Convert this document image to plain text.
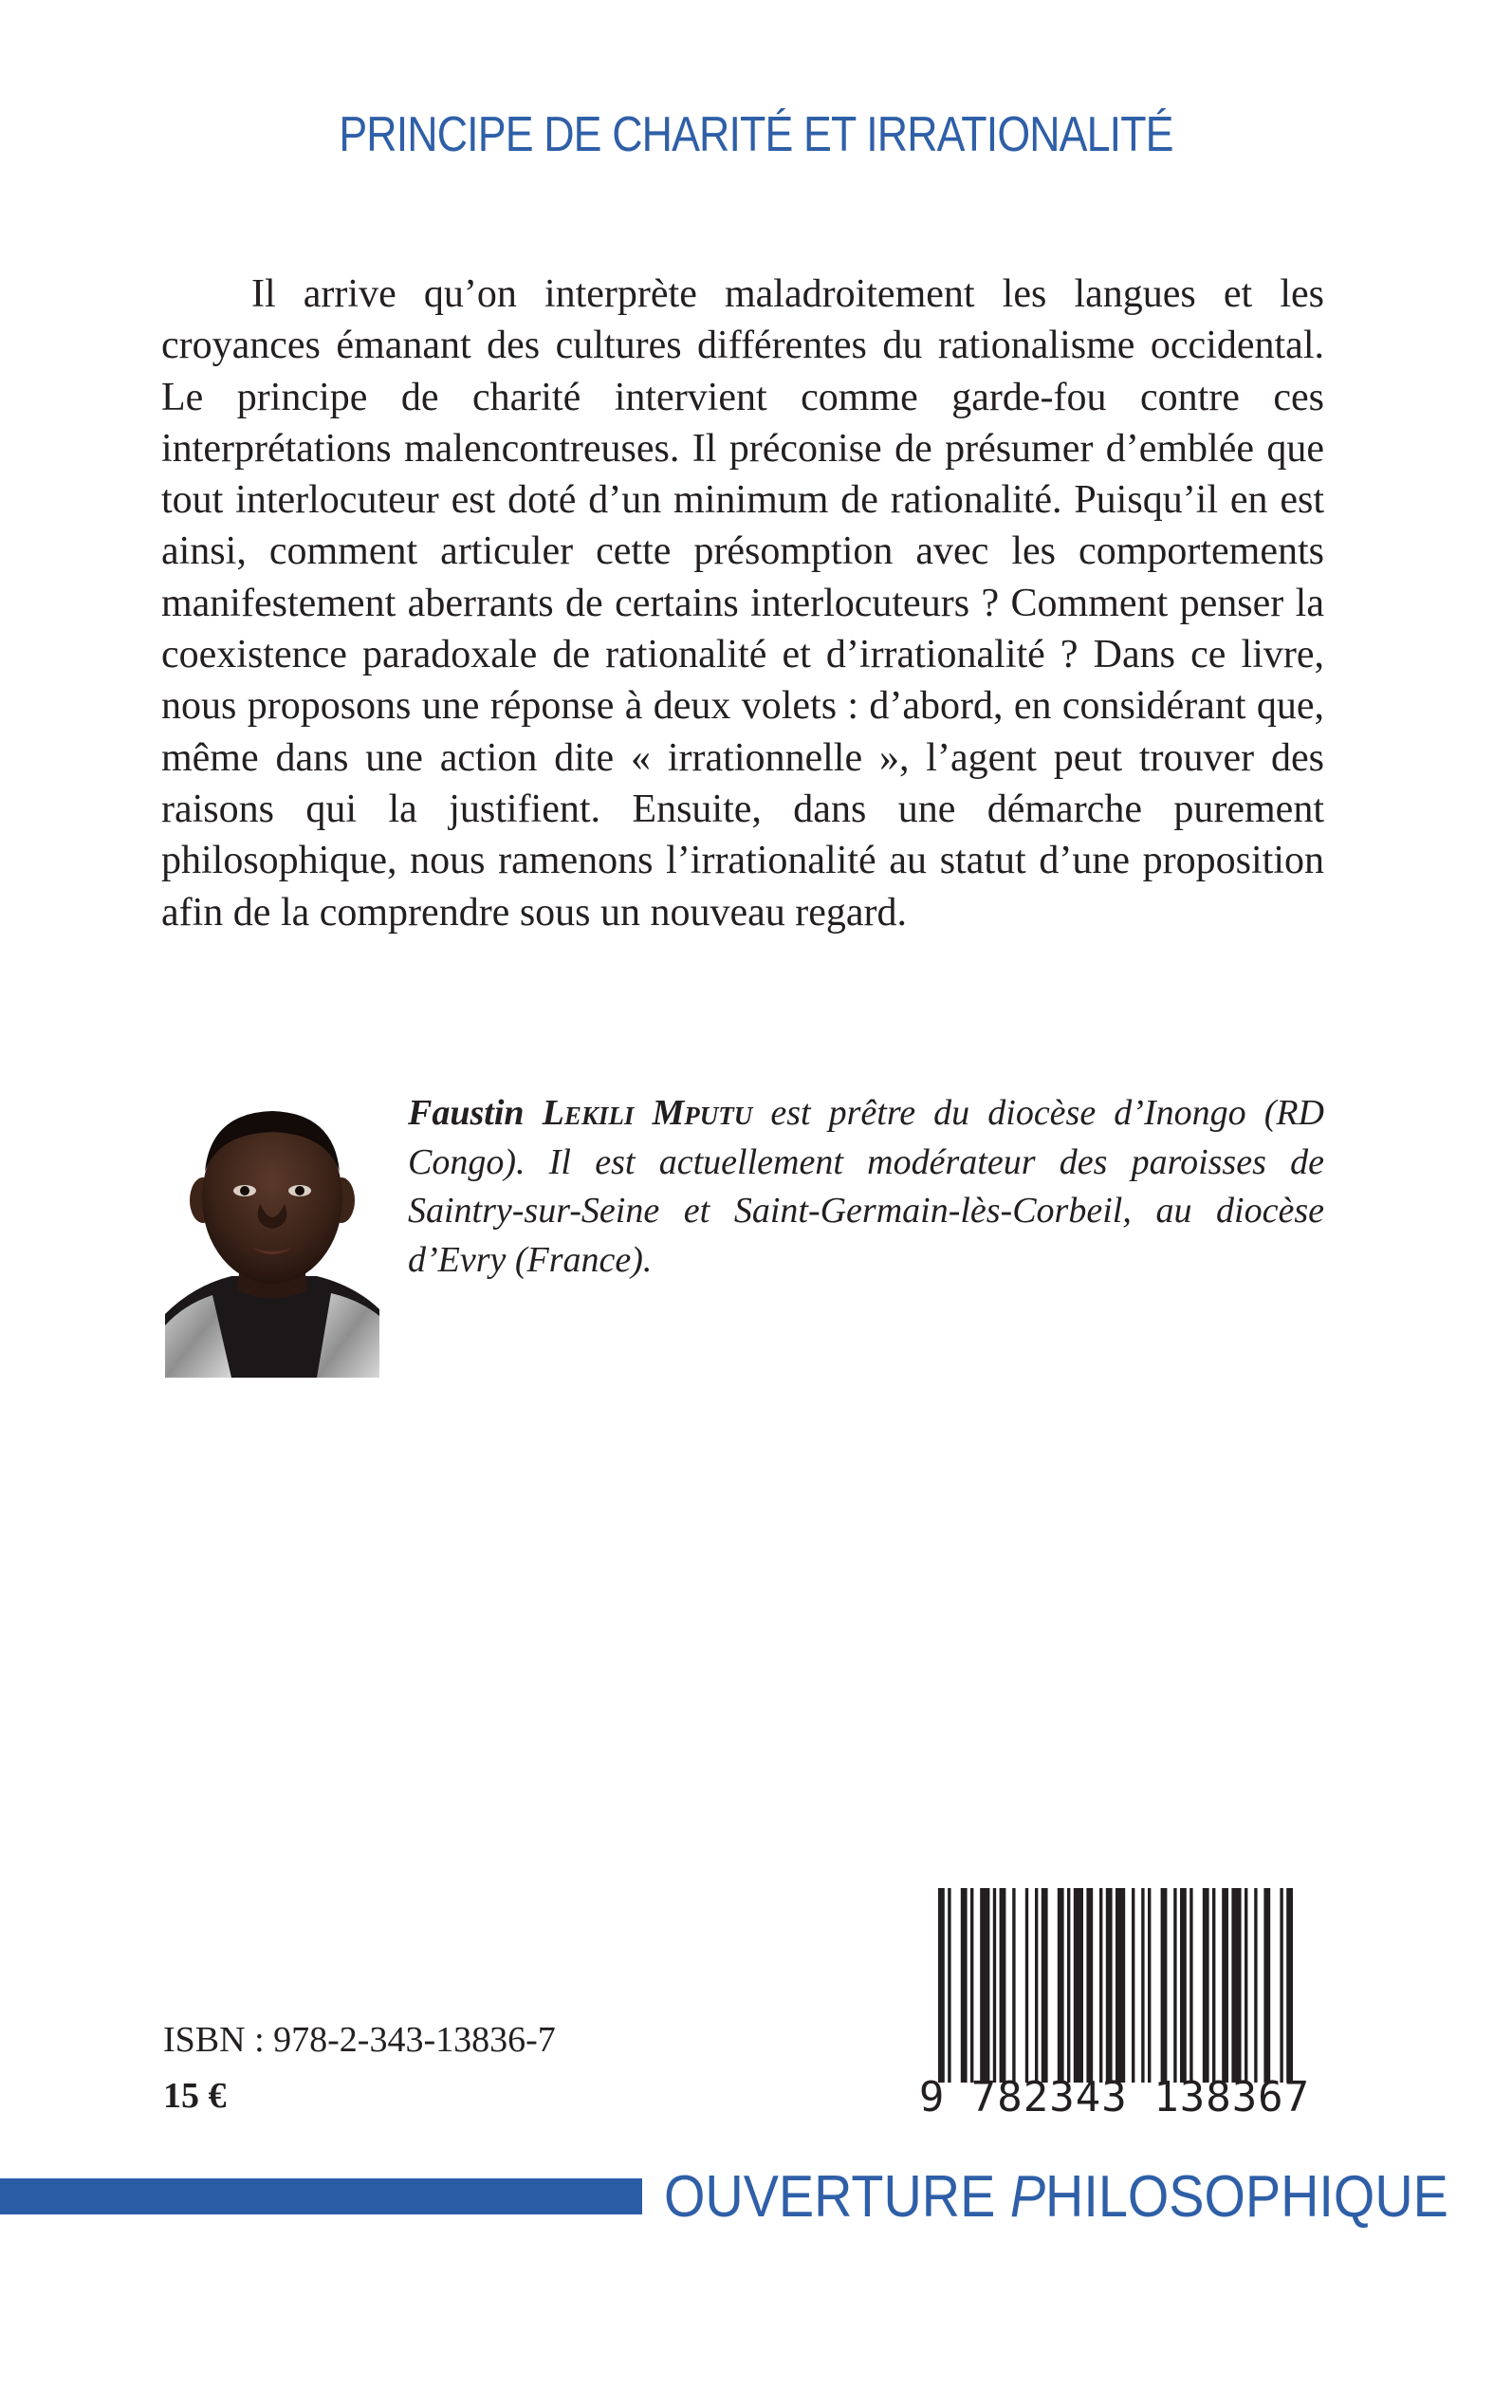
PRINCIPE DE CHARITÉ ET IRRATIONALITÉ

Il arrive qu’on interprète maladroitement les langues et les croyances émanant des cultures différentes du rationalisme occidental. Le principe de charité intervient comme garde-fou contre ces interprétations malencontreuses. Il préconise de présumer d’emblée que tout interlocuteur est doté d’un minimum de rationalité. Puisqu’il en est ainsi, comment articuler cette présomption avec les comportements manifestement aberrants de certains interlocuteurs ? Comment penser la coexistence paradoxale de rationalité et d’irrationalité ? Dans ce livre, nous proposons une réponse à deux volets : d’abord, en considérant que, même dans une action dite « irrationnelle », l’agent peut trouver des raisons qui la justifient. Ensuite, dans une démarche purement philosophique, nous ramenons l’irrationalité au statut d’une proposition afin de la comprendre sous un nouveau regard.

Faustin Lekili Mputu est prêtre du diocèse d’Inongo (RD Congo). Il est actuellement modérateur des paroisses de Saintry-sur-Seine et Saint-Germain-lès-Corbeil, au diocèse d’Evry (France).

ISBN : 978-2-343-13836-7
15 €	9 782343 138367
OUVERTURE PHILOSOPHIQUE
